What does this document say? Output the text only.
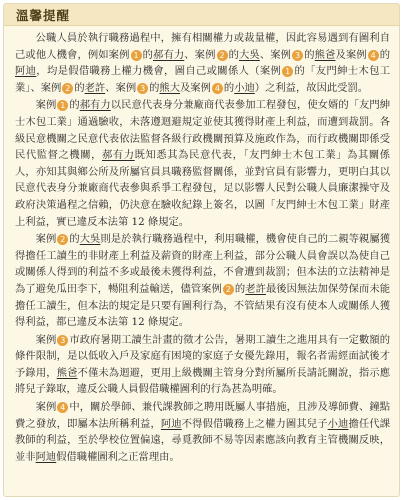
溫馨提醒

公職人員於執行職務過程中，擁有相關權力或裁量權，因此容易遇到有圖利自己或他人機會，例如案例 1 的郝有力、案例 2 的大吳、案例 3 的熊爸及案例 4 的阿迪，均是假借職務上權力機會，圖自己或關係人（案例 1 的「友門紳士木包工業」、案例 2 的老許、案例 3 的熊大及案例 4 的小迪）之利益，故因此受罰。

案例 1 的郝有力以民意代表身分兼廠商代表參加工程發包，使女婿的「友門紳士木包工業」通過驗收，未落遵迴避規定並使其獲得財產上利益，而遭到裁罰。各級民意機關之民意代表依法監督各級行政機關預算及施政作為，而行政機關即係受民代監督之機關，郝有力既知悉其為民意代表，「友門紳士木包工業」為其關係人，亦知其與鄉公所及所屬官員具職務監督關係，並對官員有影響力，更明白其以民意代表身分兼廠商代表參與系爭工程發包，足以影響人民對公職人員廉潔操守及政府決策過程之信賴，仍決意在驗收紀錄上簽名，以圖「友門紳士木包工業」財產上利益，實已違反本法第 12 條規定。

案例 2 的大吳則是於執行職務過程中，利用職權，機會使自己的二親等親屬獲得擔任工讀生的非財產上利益及薪資的財產上利益，部分公職人員會誤以為使自己或關係人得到的利益不多或最後未獲得利益，不會遭到裁罰；但本法的立法精神是為了避免瓜田李下，暢阻利益輸送，儘管案例 2 的老許最後因無法加保勞保而未能擔任工讀生，但本法的規定是只要有圖利行為，不管結果有沒有使本人或關係人獲得利益，都已違反本法第 12 條規定。

案例 3 市政府暑期工讀生計畫的徵才公告，暑期工讀生之進用具有一定數額的條件限制，是以低收入戶及家庭有困境的家庭子女優先錄用，報名者需經面試後才予錄用，熊爸不僅未為迴避，更用上級機關主管身分對所屬所長請託關說，指示應將兒子錄取，違反公職人員假借職權圖利的行為甚為明確。

案例 4 中，關於學師、兼代課教師之聘用既屬人事措施，且涉及導師費、鐘點費之發放，即屬本法所稱利益，阿迪不得假借職務上之權力圖其兒子小迪擔任代課教師的利益，至於學校位置偏遠，尋覓教師不易等因素應該向教育主管機關反映，並非阿迪假借職權圖利之正當理由。
